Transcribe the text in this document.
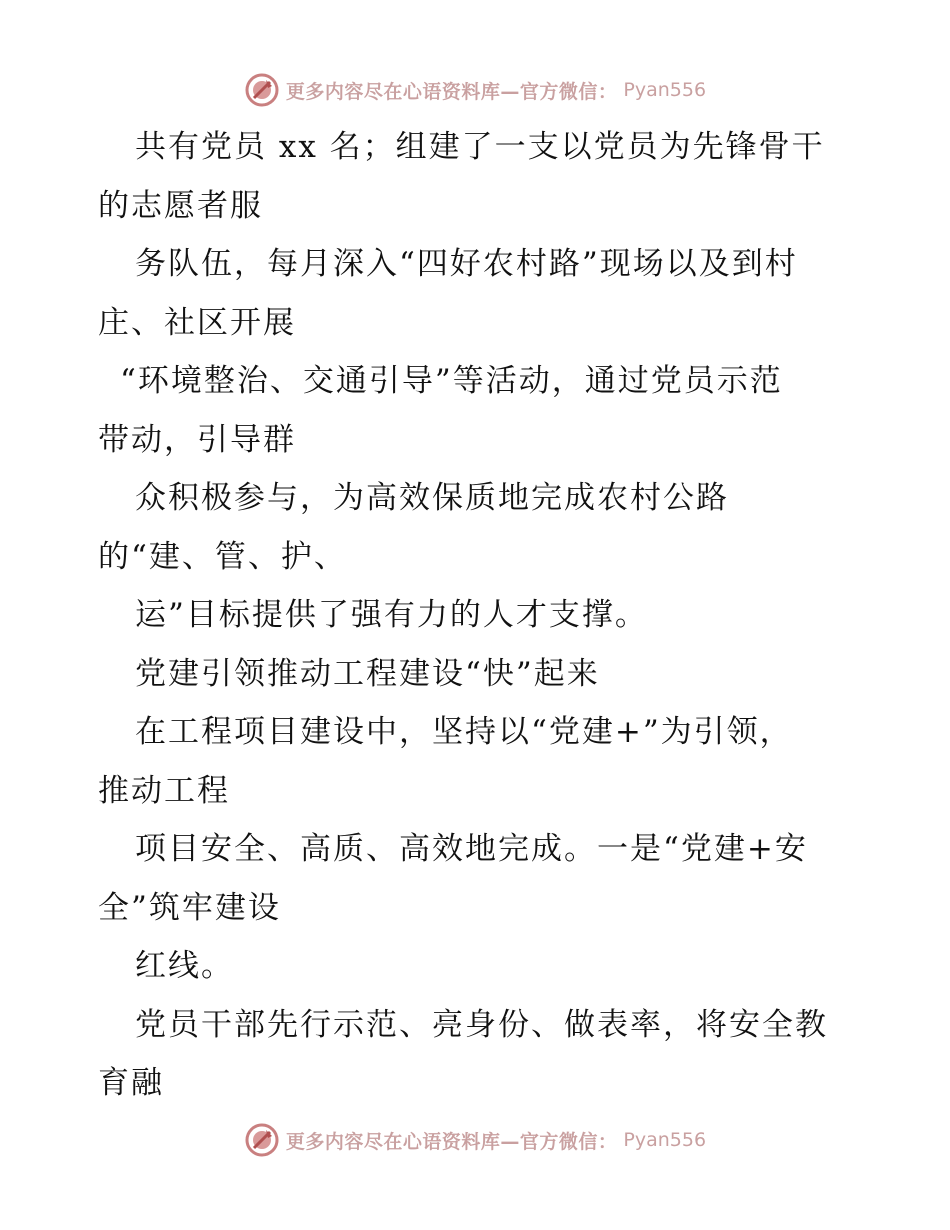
更多内容尽在心语资料库—官方微信： Pyan556
共有党员 xx 名；组建了一支以党员为先锋骨干
的志愿者服
务队伍，每月深入“四好农村路”现场以及到村
庄、社区开展
“环境整治、交通引导”等活动，通过党员示范
带动，引导群
众积极参与，为高效保质地完成农村公路
的“建、管、护、
运”目标提供了强有力的人才支撑。
党建引领推动工程建设“快”起来
在工程项目建设中，坚持以“党建+”为引领，
推动工程
项目安全、高质、高效地完成。一是“党建+安
全”筑牢建设
红线。
党员干部先行示范、亮身份、做表率，将安全教
育融
更多内容尽在心语资料库—官方微信： Pyan556
